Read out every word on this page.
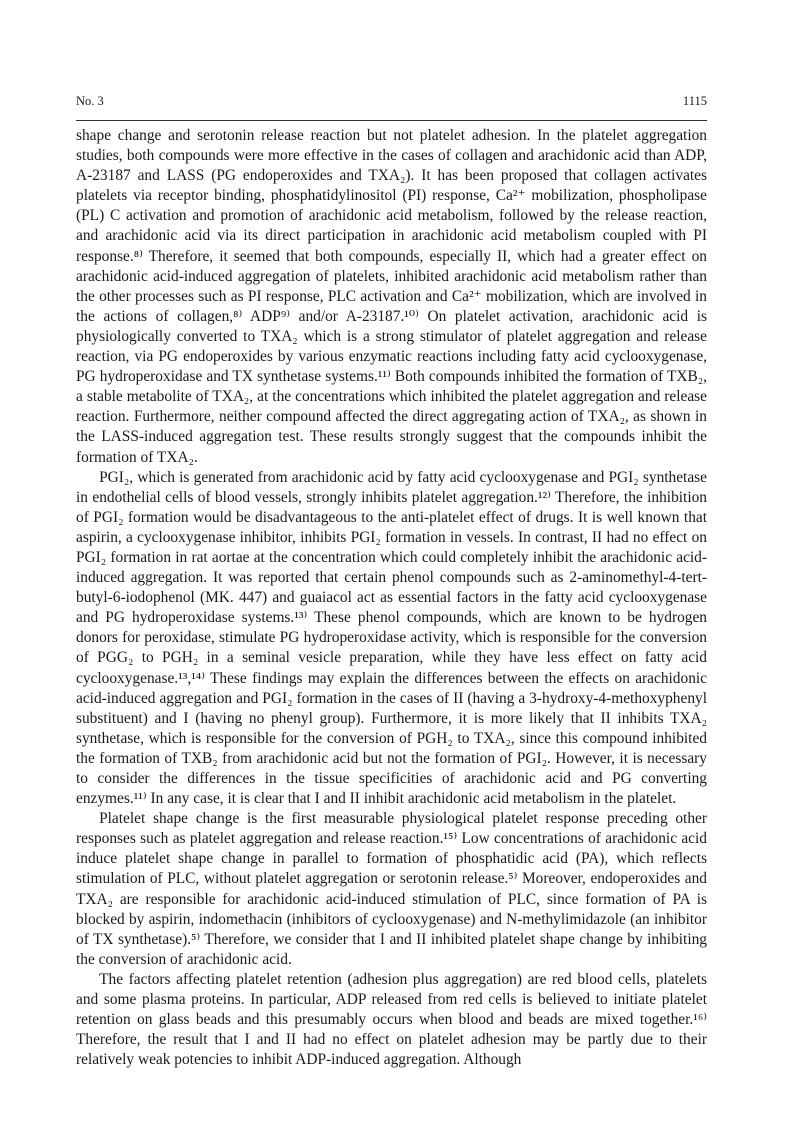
No. 3	1115

shape change and serotonin release reaction but not platelet adhesion. In the platelet aggregation studies, both compounds were more effective in the cases of collagen and arachidonic acid than ADP, A-23187 and LASS (PG endoperoxides and TXA₂). It has been proposed that collagen activates platelets via receptor binding, phosphatidylinositol (PI) response, Ca²⁺ mobilization, phospholipase (PL) C activation and promotion of arachidonic acid metabolism, followed by the release reaction, and arachidonic acid via its direct participation in arachidonic acid metabolism coupled with PI response.⁸⁾ Therefore, it seemed that both compounds, especially II, which had a greater effect on arachidonic acid-induced aggregation of platelets, inhibited arachidonic acid metabolism rather than the other processes such as PI response, PLC activation and Ca²⁺ mobilization, which are involved in the actions of collagen,⁸⁾ ADP⁹⁾ and/or A-23187.¹⁰⁾ On platelet activation, arachidonic acid is physiologically converted to TXA₂ which is a strong stimulator of platelet aggregation and release reaction, via PG endoperoxides by various enzymatic reactions including fatty acid cyclooxygenase, PG hydroperoxidase and TX synthetase systems.¹¹⁾ Both compounds inhibited the formation of TXB₂, a stable metabolite of TXA₂, at the concentrations which inhibited the platelet aggregation and release reaction. Furthermore, neither compound affected the direct aggregating action of TXA₂, as shown in the LASS-induced aggregation test. These results strongly suggest that the compounds inhibit the formation of TXA₂.

PGI₂, which is generated from arachidonic acid by fatty acid cyclooxygenase and PGI₂ synthetase in endothelial cells of blood vessels, strongly inhibits platelet aggregation.¹²⁾ Therefore, the inhibition of PGI₂ formation would be disadvantageous to the anti-platelet effect of drugs. It is well known that aspirin, a cyclooxygenase inhibitor, inhibits PGI₂ formation in vessels. In contrast, II had no effect on PGI₂ formation in rat aortae at the concentration which could completely inhibit the arachidonic acid-induced aggregation. It was reported that certain phenol compounds such as 2-aminomethyl-4-tert-butyl-6-iodophenol (MK. 447) and guaiacol act as essential factors in the fatty acid cyclooxygenase and PG hydroperoxidase systems.¹³⁾ These phenol compounds, which are known to be hydrogen donors for peroxidase, stimulate PG hydroperoxidase activity, which is responsible for the conversion of PGG₂ to PGH₂ in a seminal vesicle preparation, while they have less effect on fatty acid cyclooxygenase.¹³,¹⁴⁾ These findings may explain the differences between the effects on arachidonic acid-induced aggregation and PGI₂ formation in the cases of II (having a 3-hydroxy-4-methoxyphenyl substituent) and I (having no phenyl group). Furthermore, it is more likely that II inhibits TXA₂ synthetase, which is responsible for the conversion of PGH₂ to TXA₂, since this compound inhibited the formation of TXB₂ from arachidonic acid but not the formation of PGI₂. However, it is necessary to consider the differences in the tissue specificities of arachidonic acid and PG converting enzymes.¹¹⁾ In any case, it is clear that I and II inhibit arachidonic acid metabolism in the platelet.

Platelet shape change is the first measurable physiological platelet response preceding other responses such as platelet aggregation and release reaction.¹⁵⁾ Low concentrations of arachidonic acid induce platelet shape change in parallel to formation of phosphatidic acid (PA), which reflects stimulation of PLC, without platelet aggregation or serotonin release.⁵⁾ Moreover, endoperoxides and TXA₂ are responsible for arachidonic acid-induced stimulation of PLC, since formation of PA is blocked by aspirin, indomethacin (inhibitors of cyclooxygenase) and N-methylimidazole (an inhibitor of TX synthetase).⁵⁾ Therefore, we consider that I and II inhibited platelet shape change by inhibiting the conversion of arachidonic acid.

The factors affecting platelet retention (adhesion plus aggregation) are red blood cells, platelets and some plasma proteins. In particular, ADP released from red cells is believed to initiate platelet retention on glass beads and this presumably occurs when blood and beads are mixed together.¹⁶⁾ Therefore, the result that I and II had no effect on platelet adhesion may be partly due to their relatively weak potencies to inhibit ADP-induced aggregation. Although
